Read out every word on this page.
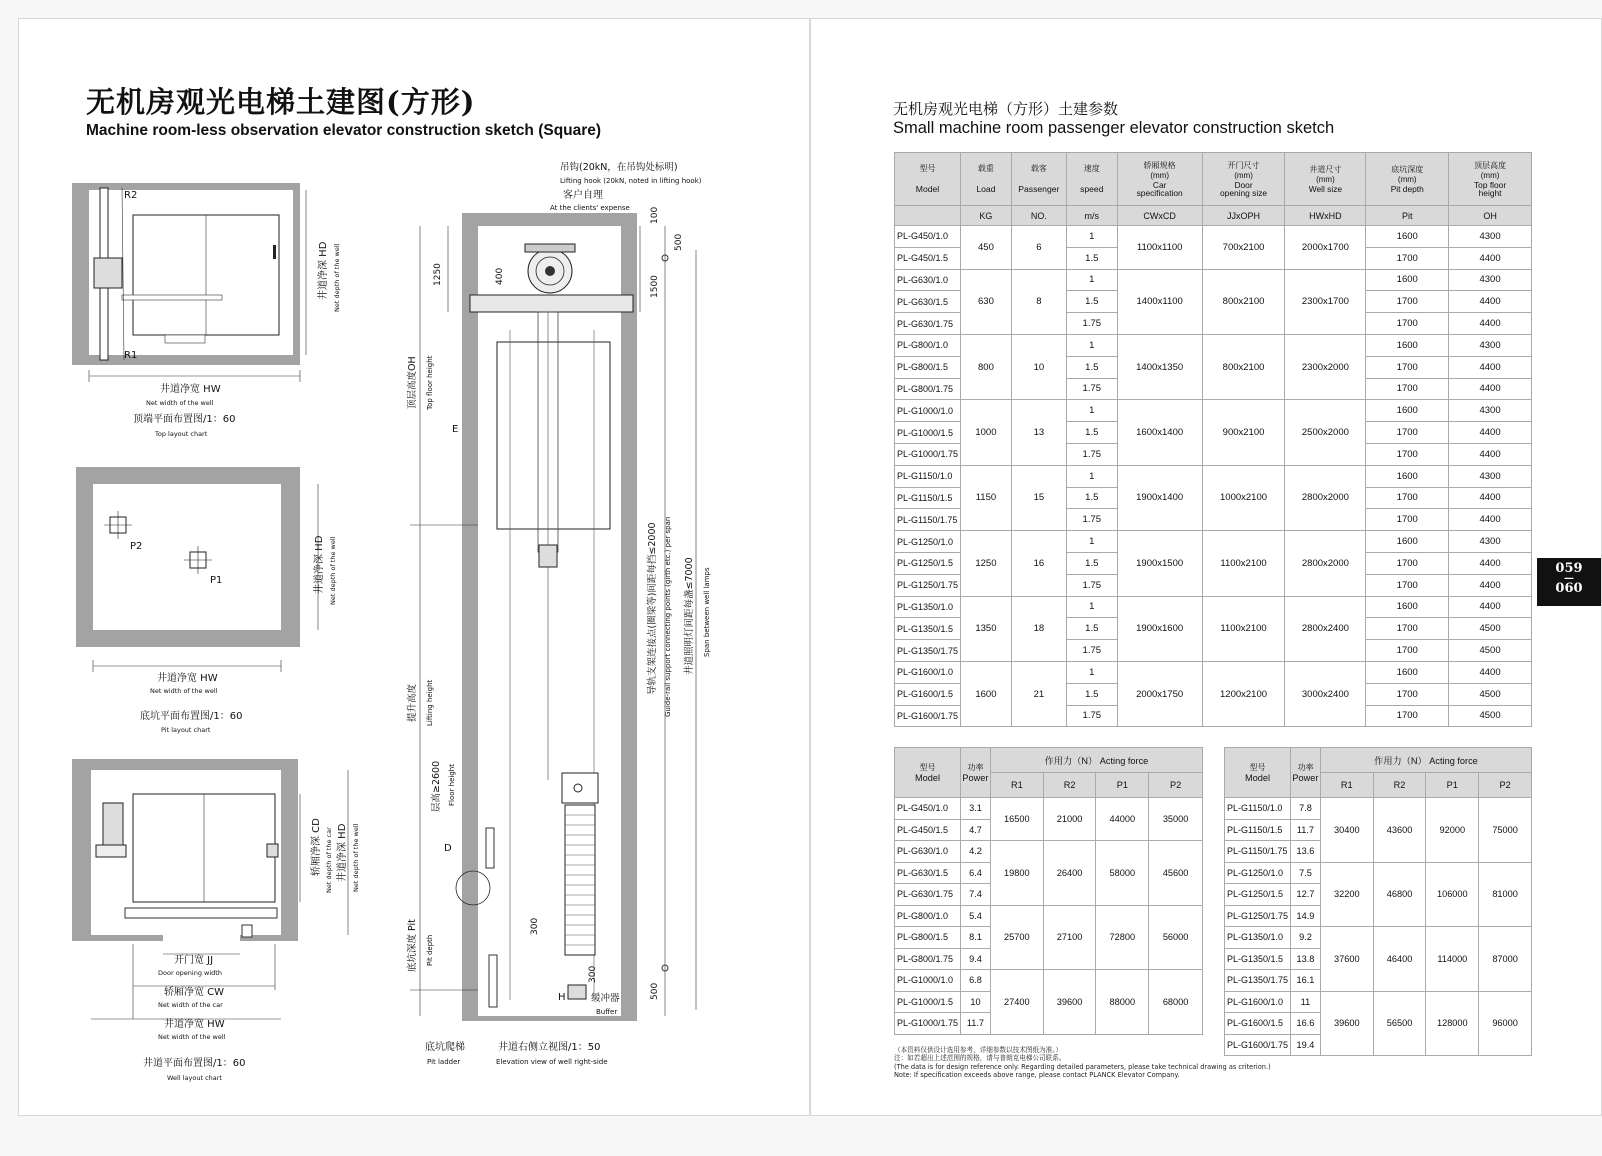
无机房观光电梯土建图(方形)
Machine room-less observation elevator construction sketch (Square)
R2
R1
井道净深 HD Net depth of the well
井道净宽 HW
Net width of the well
顶端平面布置图/1：60
Top layout chart
P2
P1	井道净深 HD Net depth of the well
井道净宽 HW
Net width of the well
底坑平面布置图/1：60
Pit layout chart
轿厢净深 CD Net depth of the car 井道净深 HD Net depth of the well
开门宽 JJ
Door opening width
轿厢净宽 CW
Net width of the car
井道净宽 HW
Net width of the well
井道平面布置图/1：60
Well layout chart
吊钩(20kN，在吊钩处标明)
Lifting hook (20kN, noted in lifting hook)
客户自理
At the clients' expense 100
500
1250	400	1500
顶层高度OH Top floor height
E
提升高度 Lifting height
层高≥2600 Floor height
D
底坑深度 Pit Pit depth
300
300
500
H	缓冲器
Buffer
导轨支架连接点(圈梁等)间距每挡≤2000 Guide-rail support connecting points (girth etc.) per span 井道照明灯间距每盏≤7000 Span between well lamps
底坑爬梯
Pit ladder
井道右侧立视图/1：50
Elevation view of well right-side
无机房观光电梯（方形）土建参数
Small machine room passenger elevator construction sketch
059
—
060
型号

Model	载重

Load	载客

Passenger	速度

speed	轿厢规格
(mm)
Car
specification	开门尺寸
(mm)
Door
opening size	井道尺寸
(mm)
Well size	底坑深度
(mm)
Pit depth	顶层高度
(mm)
Top floor
height

	KG	NO.	m/s	CWxCD	JJxOPH	HWxHD	Pit	OH
PL-G450/1.0	450	6	1	1100x1100	700x2100	2000x1700	1600	4300
PL-G450/1.5			1.5				1700	4400
PL-G630/1.0	630	8	1	1400x1100	800x2100	2300x1700	1600	4300
PL-G630/1.5			1.5				1700	4400
PL-G630/1.75			1.75				1700	4400
PL-G800/1.0	800	10	1	1400x1350	800x2100	2300x2000	1600	4300
PL-G800/1.5			1.5				1700	4400
PL-G800/1.75			1.75				1700	4400
PL-G1000/1.0	1000	13	1	1600x1400	900x2100	2500x2000	1600	4300
PL-G1000/1.5			1.5				1700	4400
PL-G1000/1.75			1.75				1700	4400
PL-G1150/1.0	1150	15	1	1900x1400	1000x2100	2800x2000	1600	4300
PL-G1150/1.5			1.5				1700	4400
PL-G1150/1.75			1.75				1700	4400
PL-G1250/1.0	1250	16	1	1900x1500	1100x2100	2800x2000	1600	4300
PL-G1250/1.5			1.5				1700	4400
PL-G1250/1.75			1.75				1700	4400
PL-G1350/1.0	1350	18	1	1900x1600	1100x2100	2800x2400	1600	4400
PL-G1350/1.5			1.5				1700	4500
PL-G1350/1.75			1.75				1700	4500
PL-G1600/1.0	1600	21	1	2000x1750	1200x2100	3000x2400	1600	4400
PL-G1600/1.5			1.5				1700	4500
PL-G1600/1.75			1.75				1700	4500
型号
Model	功率
Power	作用力（N） Acting force			
		R1	R2	P1	P2
PL-G450/1.0	3.1	16500	21000	44000	35000
PL-G450/1.5	4.7				
PL-G630/1.0	4.2	19800	26400	58000	45600
PL-G630/1.5	6.4				
PL-G630/1.75	7.4				
PL-G800/1.0	5.4	25700	27100	72800	56000
PL-G800/1.5	8.1				
PL-G800/1.75	9.4				
PL-G1000/1.0	6.8	27400	39600	88000	68000
PL-G1000/1.5	10				
PL-G1000/1.75	11.7				
型号
Model	功率
Power	作用力（N） Acting force			
		R1	R2	P1	P2
PL-G1150/1.0	7.8	30400	43600	92000	75000
PL-G1150/1.5	11.7				
PL-G1150/1.75	13.6				
PL-G1250/1.0	7.5	32200	46800	106000	81000
PL-G1250/1.5	12.7				
PL-G1250/1.75	14.9				
PL-G1350/1.0	9.2	37600	46400	114000	87000
PL-G1350/1.5	13.8				
PL-G1350/1.75	16.1				
PL-G1600/1.0	11	39600	56500	128000	96000
PL-G1600/1.5	16.6				
PL-G1600/1.75	19.4				
（本资料仅供设计选用参考，详细参数以技术图纸为准。）
注：如若超出上述范围的规格，请与普朗克电梯公司联系。
(The data is for design reference only. Regarding detailed parameters, please take technical drawing as criterion.)
Note: If specification exceeds above range, please contact PLANCK Elevator Company.
